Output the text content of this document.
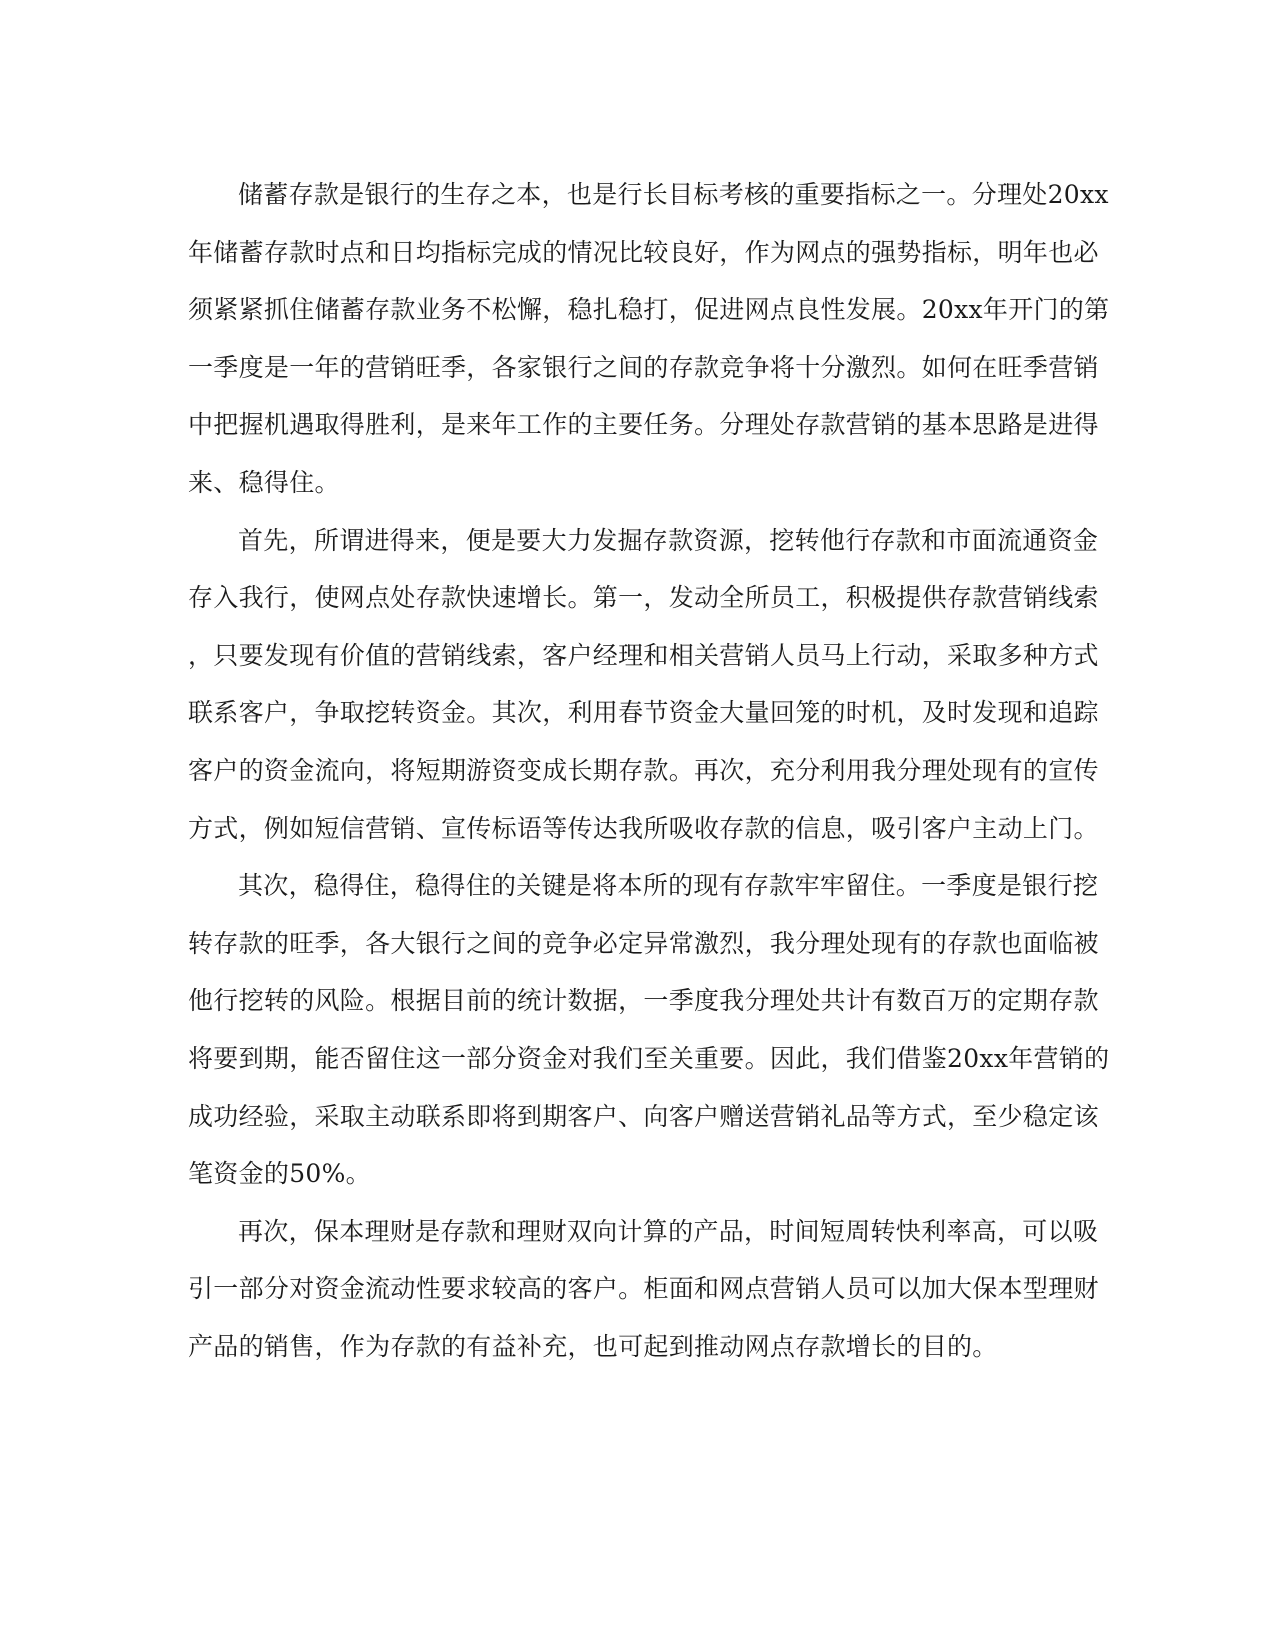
储蓄存款是银行的生存之本，也是行长目标考核的重要指标之一。分理处20xx
年储蓄存款时点和日均指标完成的情况比较良好，作为网点的强势指标，明年也必
须紧紧抓住储蓄存款业务不松懈，稳扎稳打，促进网点良性发展。20xx年开门的第
一季度是一年的营销旺季，各家银行之间的存款竞争将十分激烈。如何在旺季营销
中把握机遇取得胜利，是来年工作的主要任务。分理处存款营销的基本思路是进得
来、稳得住。

首先，所谓进得来，便是要大力发掘存款资源，挖转他行存款和市面流通资金
存入我行，使网点处存款快速增长。第一，发动全所员工，积极提供存款营销线索
，只要发现有价值的营销线索，客户经理和相关营销人员马上行动，采取多种方式
联系客户，争取挖转资金。其次，利用春节资金大量回笼的时机，及时发现和追踪
客户的资金流向，将短期游资变成长期存款。再次，充分利用我分理处现有的宣传
方式，例如短信营销、宣传标语等传达我所吸收存款的信息，吸引客户主动上门。

其次，稳得住，稳得住的关键是将本所的现有存款牢牢留住。一季度是银行挖
转存款的旺季，各大银行之间的竞争必定异常激烈，我分理处现有的存款也面临被
他行挖转的风险。根据目前的统计数据，一季度我分理处共计有数百万的定期存款
将要到期，能否留住这一部分资金对我们至关重要。因此，我们借鉴20xx年营销的
成功经验，采取主动联系即将到期客户、向客户赠送营销礼品等方式，至少稳定该
笔资金的50%。

再次，保本理财是存款和理财双向计算的产品，时间短周转快利率高，可以吸
引一部分对资金流动性要求较高的客户。柜面和网点营销人员可以加大保本型理财
产品的销售，作为存款的有益补充，也可起到推动网点存款增长的目的。
